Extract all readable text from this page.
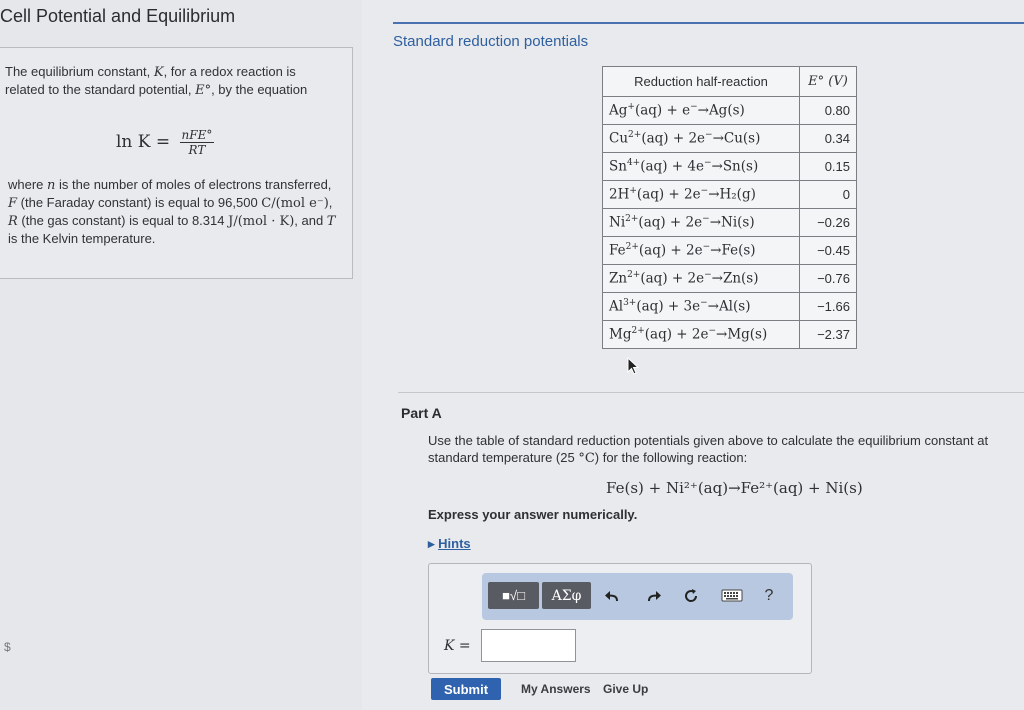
Cell Potential and Equilibrium

The equilibrium constant, K, for a redox reaction is related to the standard potential, E°, by the equation

$\ln K = \frac{\text{nFE°}}{RT}$

where n is the number of moles of electrons transferred, F (the Faraday constant) is equal to 96,500 C/(mol e⁻), R (the gas constant) is equal to 8.314 J/(mol · K), and T is the Kelvin temperature.

$
Standard reduction potentials
Reduction half-reaction	E° (V)
Ag+(aq) + e−→Ag(s)	0.80
$Cu^{2+}(aq) + 2e^-\to Cu(s)$	0.34
$Sn^{4+}(aq) + 4e^-\to Sn(s)$	0.15
2H+(aq) + 2e−→H₂(g)	0
$Ni^{2+}(aq) + 2e^-\to Ni(s)$	−0.26
$Fe^{2+}(aq) + 2e^-\to Fe(s)$	−0.45
$Zn^{2+}(aq) + 2e^-\to Zn(s)$	−0.76
$Al^{3+}(aq) + 3e^-\to Al(s)$	−1.66
$Mg^{2+}(aq) + 2e^-\to Mg(s)$	−2.37
Part A
Use the table of standard reduction potentials given above to calculate the equilibrium constant at standard temperature (25 °C) for the following reaction:
Fe(s) + Ni²⁺(aq)→Fe²⁺(aq) + Ni(s)
Express your answer numerically.
▸ Hints
■√□	ΑΣφ	?
K =
Submit	My Answers Give Up
